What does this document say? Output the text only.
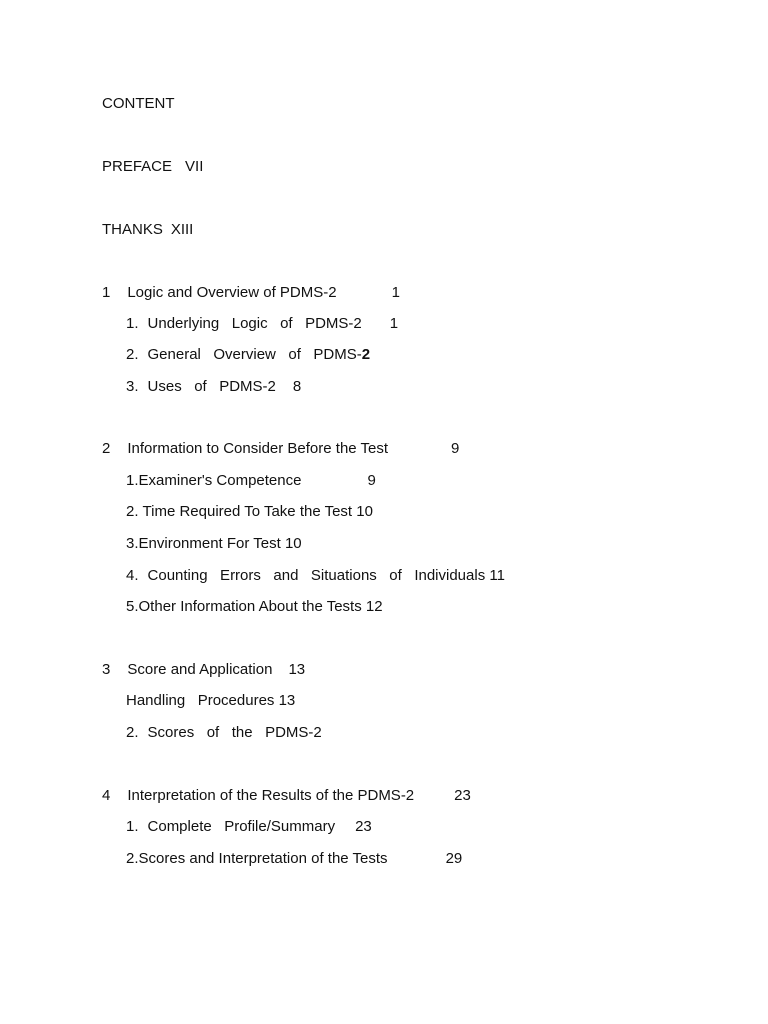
CONTENT
PREFACE VII
THANKS XIII
1 Logic and Overview of PDMS-2	1
1. Underlying   Logic   of   PDMS-2 1
2. General   Overview   of   PDMS-2
3. Uses   of   PDMS-2 8
2 Information to Consider Before the Test	9
1.Examiner's Competence	9
2. Time Required To Take the Test 10
3.Environment For Test 10
4. Counting   Errors   and   Situations   of   Individuals 11
5.Other Information About the Tests 12
3 Score and Application 13
Handling   Procedures 13
2. Scores   of   the   PDMS-2
4 Interpretation of the Results of the PDMS-2	23
1. Complete   Profile/Summary 23
2.Scores and Interpretation of the Tests	29
